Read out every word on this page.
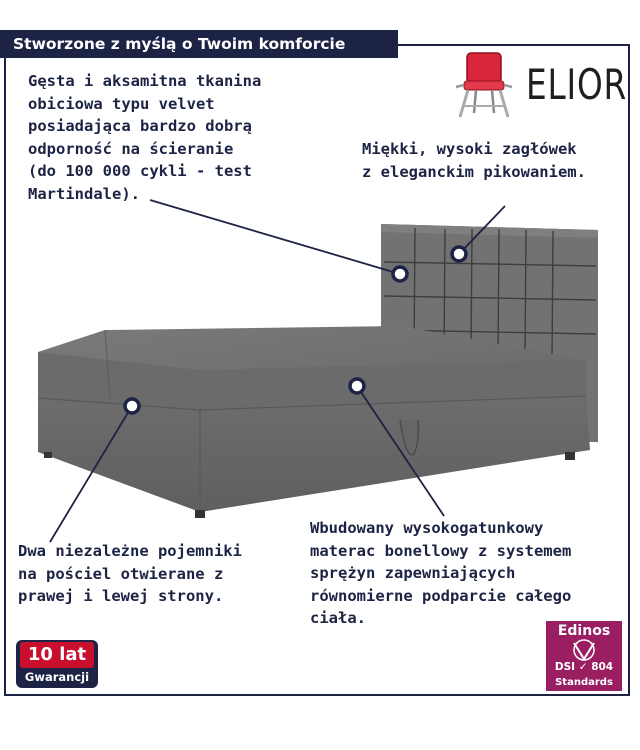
Stworzone z myślą o Twoim komforcie
ELIOR
Gęsta i aksamitna tkanina
obiciowa typu velvet
posiadająca bardzo dobrą
odporność na ścieranie
(do 100 000 cykli - test
Martindale).
Miękki, wysoki zagłówek
z eleganckim pikowaniem.
Dwa niezależne pojemniki
na pościel otwierane z
prawej i lewej strony.
Wbudowany wysokogatunkowy
materac bonellowy z systemem
sprężyn zapewniających
równomierne podparcie całego
ciała.
10 lat
Gwarancji
Edinos
DSI ✓ 804
Standards
